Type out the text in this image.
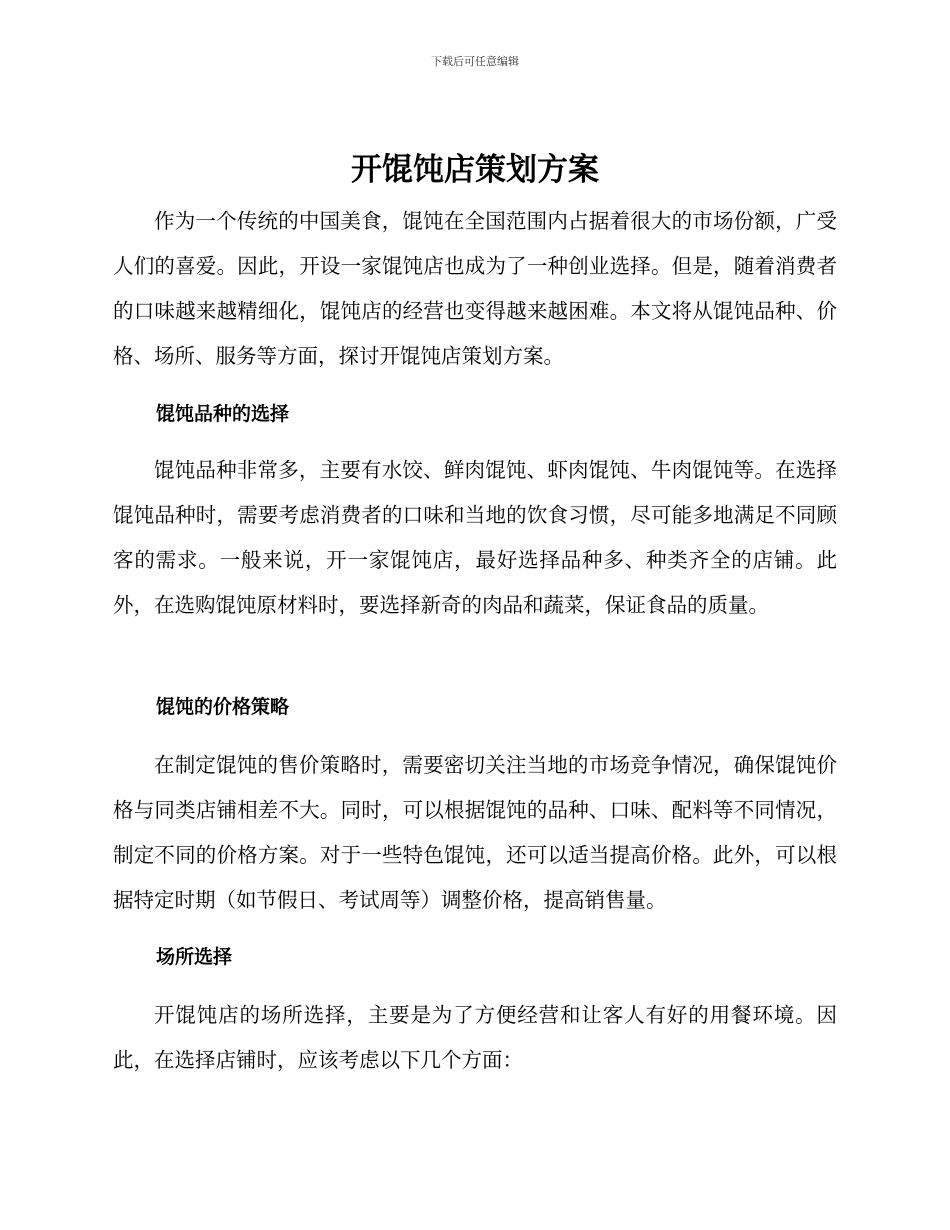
下载后可任意编辑
开馄饨店策划方案

作为一个传统的中国美食，馄饨在全国范围内占据着很大的市场份额，广受人们的喜爱。因此，开设一家馄饨店也成为了一种创业选择。但是，随着消费者的口味越来越精细化，馄饨店的经营也变得越来越困难。本文将从馄饨品种、价格、场所、服务等方面，探讨开馄饨店策划方案。

馄饨品种的选择

馄饨品种非常多，主要有水饺、鲜肉馄饨、虾肉馄饨、牛肉馄饨等。在选择馄饨品种时，需要考虑消费者的口味和当地的饮食习惯，尽可能多地满足不同顾客的需求。一般来说，开一家馄饨店，最好选择品种多、种类齐全的店铺。此外，在选购馄饨原材料时，要选择新奇的肉品和蔬菜，保证食品的质量。

馄饨的价格策略

在制定馄饨的售价策略时，需要密切关注当地的市场竞争情况，确保馄饨价格与同类店铺相差不大。同时，可以根据馄饨的品种、口味、配料等不同情况，制定不同的价格方案。对于一些特色馄饨，还可以适当提高价格。此外，可以根据特定时期（如节假日、考试周等）调整价格，提高销售量。

场所选择

开馄饨店的场所选择，主要是为了方便经营和让客人有好的用餐环境。因此，在选择店铺时，应该考虑以下几个方面：
